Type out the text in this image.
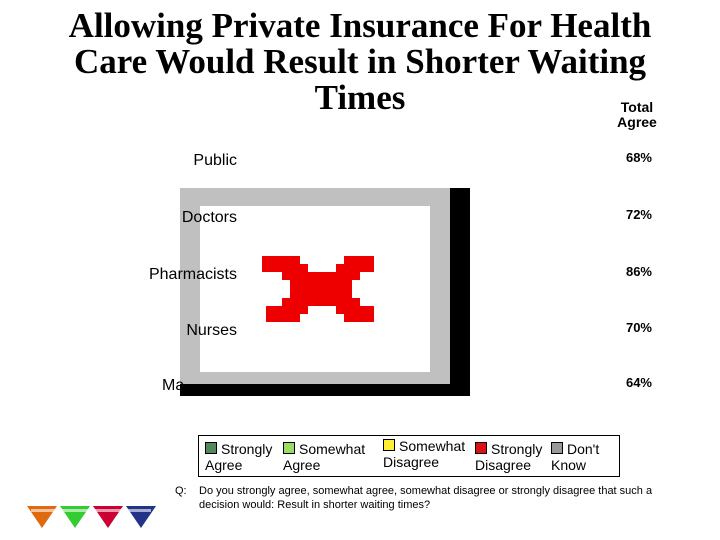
Allowing Private Insurance For Health Care Would Result in Shorter Waiting Times	Total Agree
Public
Doctors
Pharmacists
Nurses
Ma
68%
72%
86%
70%
64%
Strongly Agree
Somewhat Agree
Somewhat Disagree
Strongly Disagree
Don't Know
Q: Do you strongly agree, somewhat agree, somewhat disagree or strongly disagree that such a decision would: Result in shorter waiting times?
